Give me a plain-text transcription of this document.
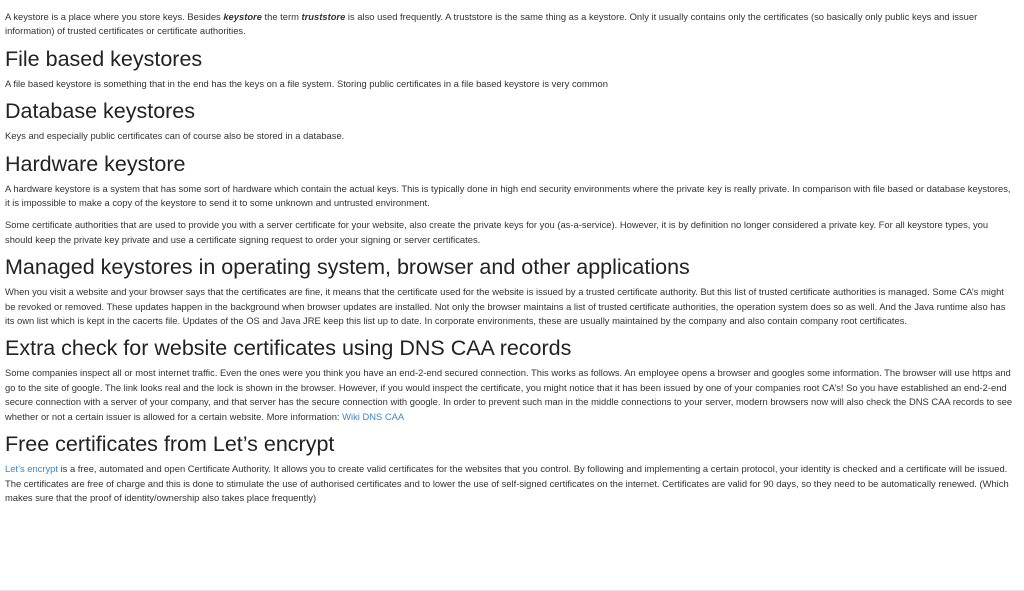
A keystore is a place where you store keys. Besides keystore the term truststore is also used frequently. A truststore is the same thing as a keystore. Only it usually contains only the certificates (so basically only public keys and issuer information) of trusted certificates or certificate authorities.

File based keystores

A file based keystore is something that in the end has the keys on a file system. Storing public certificates in a file based keystore is very common

Database keystores

Keys and especially public certificates can of course also be stored in a database.

Hardware keystore

A hardware keystore is a system that has some sort of hardware which contain the actual keys. This is typically done in high end security environments where the private key is really private. In comparison with file based or database keystores, it is impossible to make a copy of the keystore to send it to some unknown and untrusted environment.

Some certificate authorities that are used to provide you with a server certificate for your website, also create the private keys for you (as-a-service). However, it is by definition no longer considered a private key. For all keystore types, you should keep the private key private and use a certificate signing request to order your signing or server certificates.

Managed keystores in operating system, browser and other applications

When you visit a website and your browser says that the certificates are fine, it means that the certificate used for the website is issued by a trusted certificate authority. But this list of trusted certificate authorities is managed. Some CA’s might be revoked or removed. These updates happen in the background when browser updates are installed. Not only the browser maintains a list of trusted certificate authorities, the operation system does so as well. And the Java runtime also has its own list which is kept in the cacerts file. Updates of the OS and Java JRE keep this list up to date. In corporate environments, these are usually maintained by the company and also contain company root certificates.

Extra check for website certificates using DNS CAA records

Some companies inspect all or most internet traffic. Even the ones were you think you have an end-2-end secured connection. This works as follows. An employee opens a browser and googles some information. The browser will use https and go to the site of google. The link looks real and the lock is shown in the browser. However, if you would inspect the certificate, you might notice that it has been issued by one of your companies root CA’s! So you have established an end-2-end secure connection with a server of your company, and that server has the secure connection with google. In order to prevent such man in the middle connections to your server, modern browsers now will also check the DNS CAA records to see whether or not a certain issuer is allowed for a certain website. More information: Wiki DNS CAA

Free certificates from Let’s encrypt

Let’s encrypt is a free, automated and open Certificate Authority. It allows you to create valid certificates for the websites that you control. By following and implementing a certain protocol, your identity is checked and a certificate will be issued. The certificates are free of charge and this is done to stimulate the use of authorised certificates and to lower the use of self-signed certificates on the internet. Certificates are valid for 90 days, so they need to be automatically renewed. (Which makes sure that the proof of identity/ownership also takes place frequently)
